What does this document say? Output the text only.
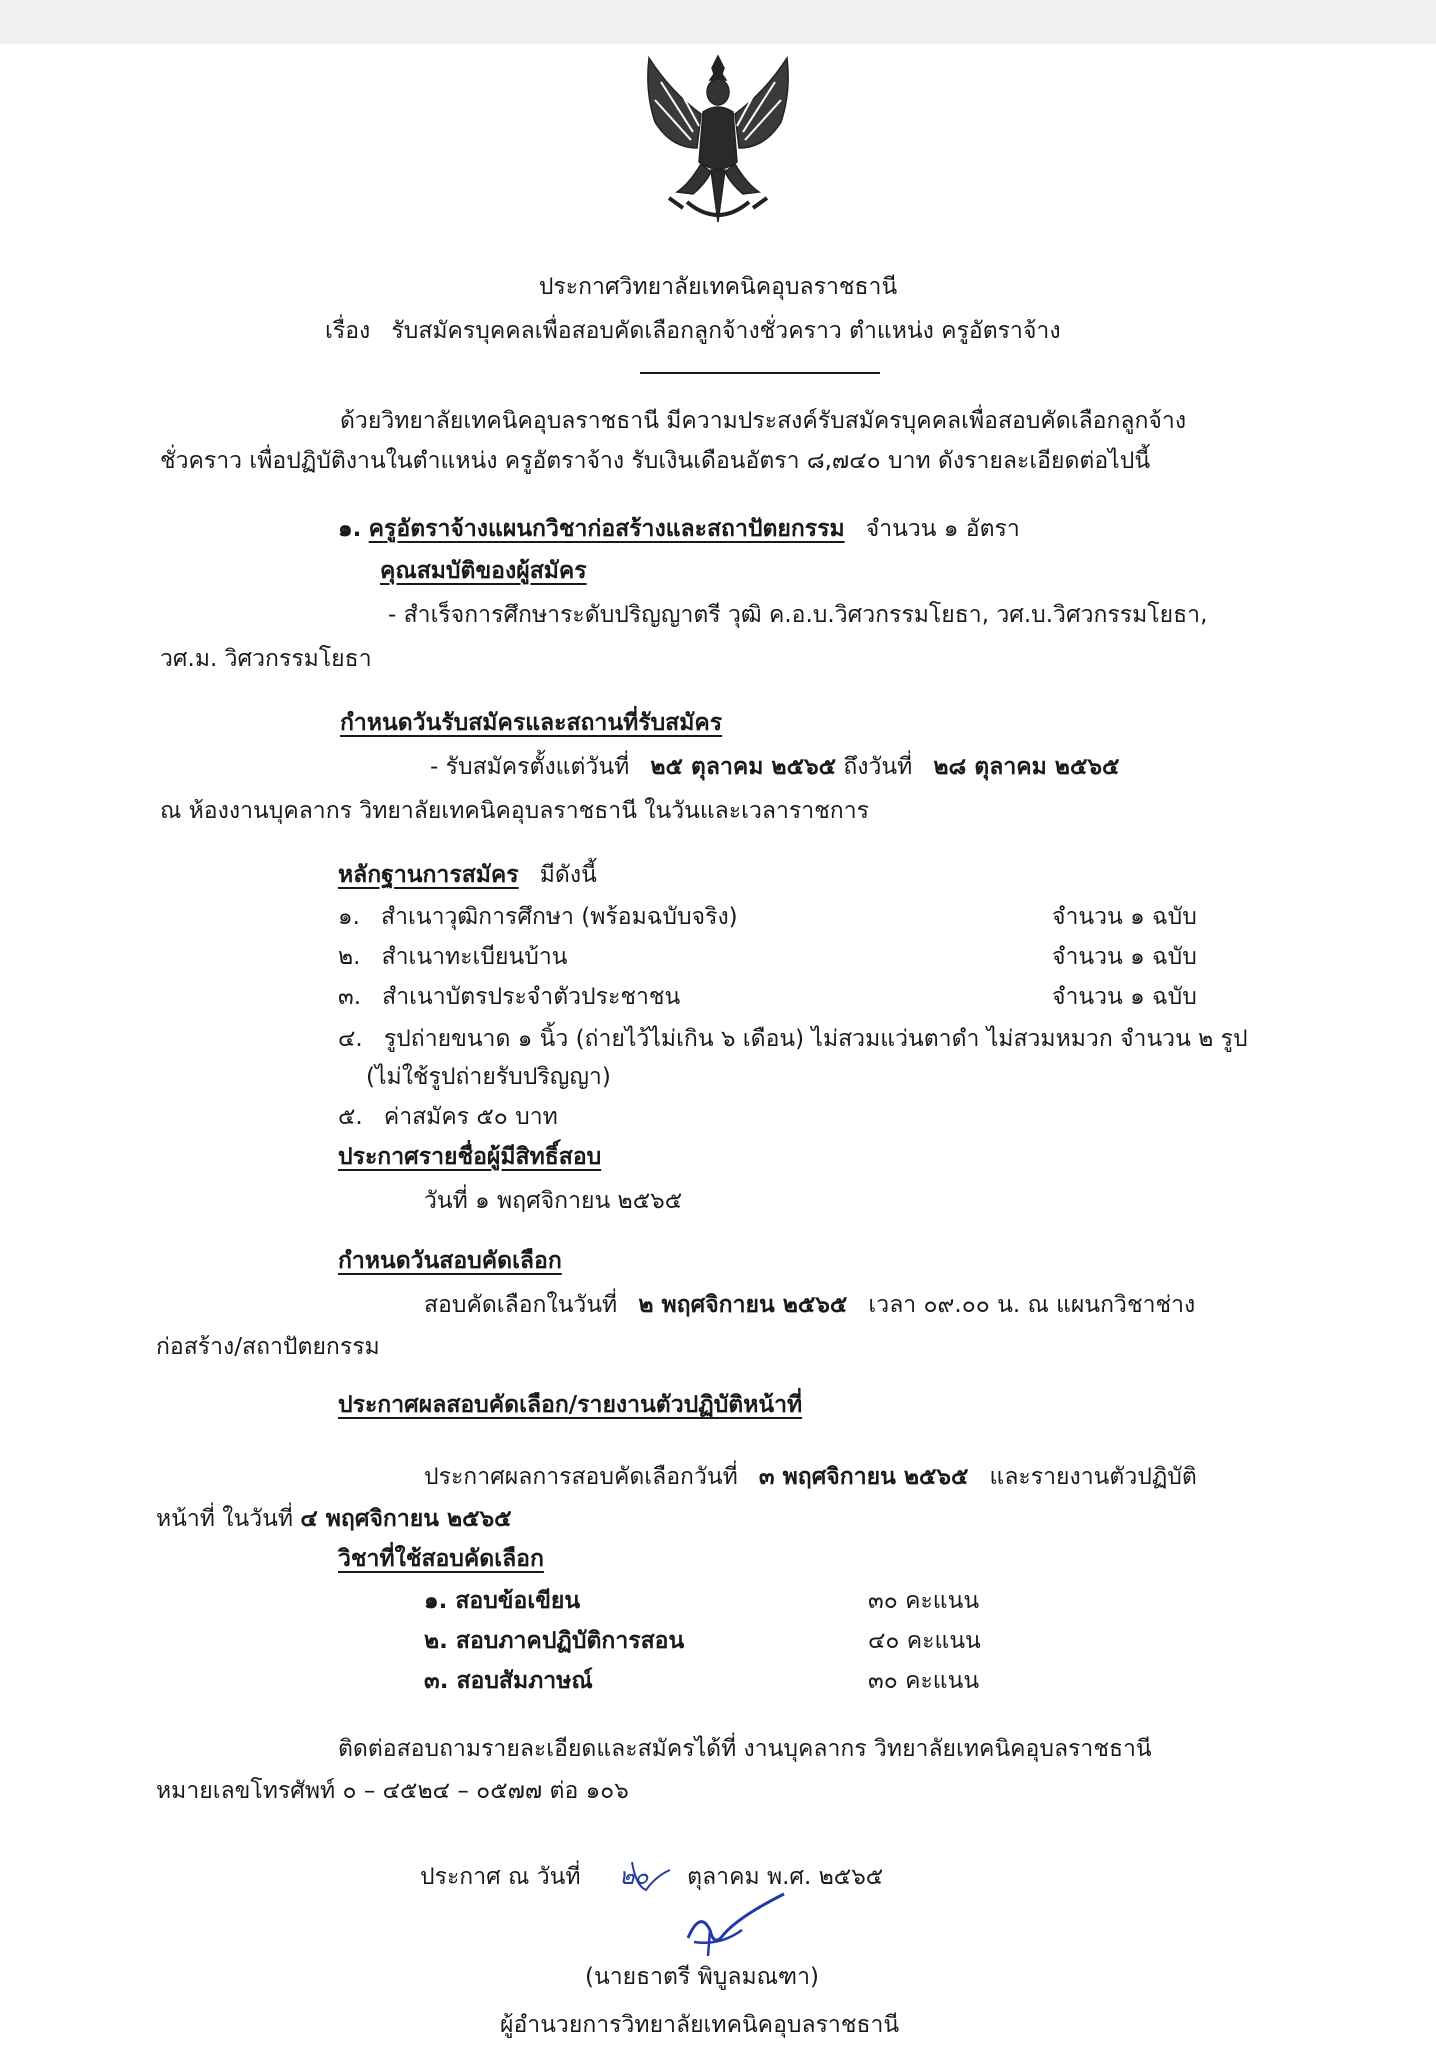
ประกาศวิทยาลัยเทคนิคอุบลราชธานี
เรื่อง รับสมัครบุคคลเพื่อสอบคัดเลือกลูกจ้างชั่วคราว ตำแหน่ง ครูอัตราจ้าง
ด้วยวิทยาลัยเทคนิคอุบลราชธานี มีความประสงค์รับสมัครบุคคลเพื่อสอบคัดเลือกลูกจ้าง
ชั่วคราว เพื่อปฏิบัติงานในตำแหน่ง ครูอัตราจ้าง รับเงินเดือนอัตรา ๘,๗๔๐ บาท ดังรายละเอียดต่อไปนี้
๑. ครูอัตราจ้างแผนกวิชาก่อสร้างและสถาปัตยกรรม จำนวน ๑ อัตรา
คุณสมบัติของผู้สมัคร
- สำเร็จการศึกษาระดับปริญญาตรี วุฒิ ค.อ.บ.วิศวกรรมโยธา, วศ.บ.วิศวกรรมโยธา,
วศ.ม. วิศวกรรมโยธา
กำหนดวันรับสมัครและสถานที่รับสมัคร
- รับสมัครตั้งแต่วันที่ ๒๕ ตุลาคม ๒๕๖๕ ถึงวันที่ ๒๘ ตุลาคม ๒๕๖๕
ณ ห้องงานบุคลากร วิทยาลัยเทคนิคอุบลราชธานี ในวันและเวลาราชการ
หลักฐานการสมัคร มีดังนี้
๑. สำเนาวุฒิการศึกษา (พร้อมฉบับจริง)	จำนวน ๑ ฉบับ
๒. สำเนาทะเบียนบ้าน	จำนวน ๑ ฉบับ
๓. สำเนาบัตรประจำตัวประชาชน	จำนวน ๑ ฉบับ
๔. รูปถ่ายขนาด ๑ นิ้ว (ถ่ายไว้ไม่เกิน ๖ เดือน) ไม่สวมแว่นตาดำ ไม่สวมหมวก จำนวน ๒ รูป
(ไม่ใช้รูปถ่ายรับปริญญา)
๕. ค่าสมัคร ๕๐ บาท
ประกาศรายชื่อผู้มีสิทธิ์สอบ
วันที่ ๑ พฤศจิกายน ๒๕๖๕
กำหนดวันสอบคัดเลือก
สอบคัดเลือกในวันที่ ๒ พฤศจิกายน ๒๕๖๕ เวลา ๐๙.๐๐ น. ณ แผนกวิชาช่าง
ก่อสร้าง/สถาปัตยกรรม
ประกาศผลสอบคัดเลือก/รายงานตัวปฏิบัติหน้าที่
ประกาศผลการสอบคัดเลือกวันที่ ๓ พฤศจิกายน ๒๕๖๕ และรายงานตัวปฏิบัติ
หน้าที่ ในวันที่ ๔ พฤศจิกายน ๒๕๖๕
วิชาที่ใช้สอบคัดเลือก
๑. สอบข้อเขียน	๓๐ คะแนน
๒. สอบภาคปฏิบัติการสอน	๔๐ คะแนน
๓. สอบสัมภาษณ์	๓๐ คะแนน
ติดต่อสอบถามรายละเอียดและสมัครได้ที่ งานบุคลากร วิทยาลัยเทคนิคอุบลราชธานี
หมายเลขโทรศัพท์ ๐ – ๔๕๒๔ – ๐๕๗๗ ต่อ ๑๐๖
ประกาศ ณ วันที่ ๒๐ ตุลาคม พ.ศ. ๒๕๖๕
(นายธาตรี พิบูลมณฑา)
ผู้อำนวยการวิทยาลัยเทคนิคอุบลราชธานี
